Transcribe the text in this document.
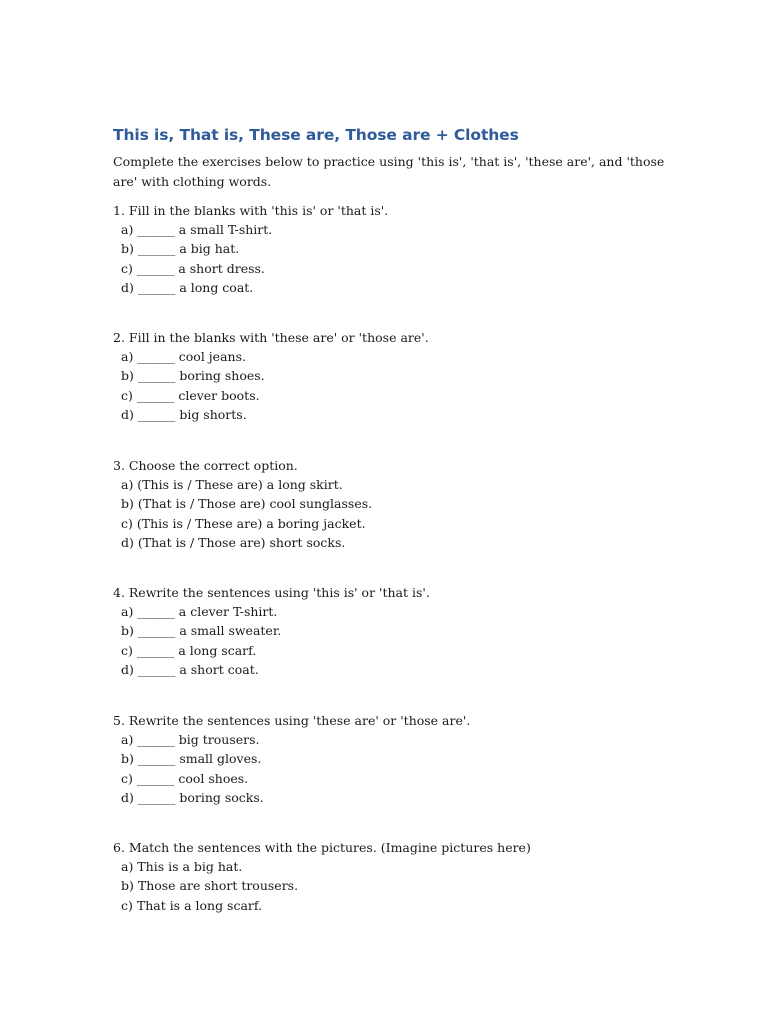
This is, That is, These are, Those are + Clothes

Complete the exercises below to practice using 'this is', 'that is', 'these are', and 'those are' with clothing words.

1. Fill in the blanks with 'this is' or 'that is'.

a) ______ a small T-shirt.
b) ______ a big hat.
c) ______ a short dress.
d) ______ a long coat.

2. Fill in the blanks with 'these are' or 'those are'.

a) ______ cool jeans.
b) ______ boring shoes.
c) ______ clever boots.
d) ______ big shorts.

3. Choose the correct option.

a) (This is / These are) a long skirt.
b) (That is / Those are) cool sunglasses.
c) (This is / These are) a boring jacket.
d) (That is / Those are) short socks.

4. Rewrite the sentences using 'this is' or 'that is'.

a) ______ a clever T-shirt.
b) ______ a small sweater.
c) ______ a long scarf.
d) ______ a short coat.

5. Rewrite the sentences using 'these are' or 'those are'.

a) ______ big trousers.
b) ______ small gloves.
c) ______ cool shoes.
d) ______ boring socks.

6. Match the sentences with the pictures. (Imagine pictures here)

a) This is a big hat.
b) Those are short trousers.
c) That is a long scarf.
